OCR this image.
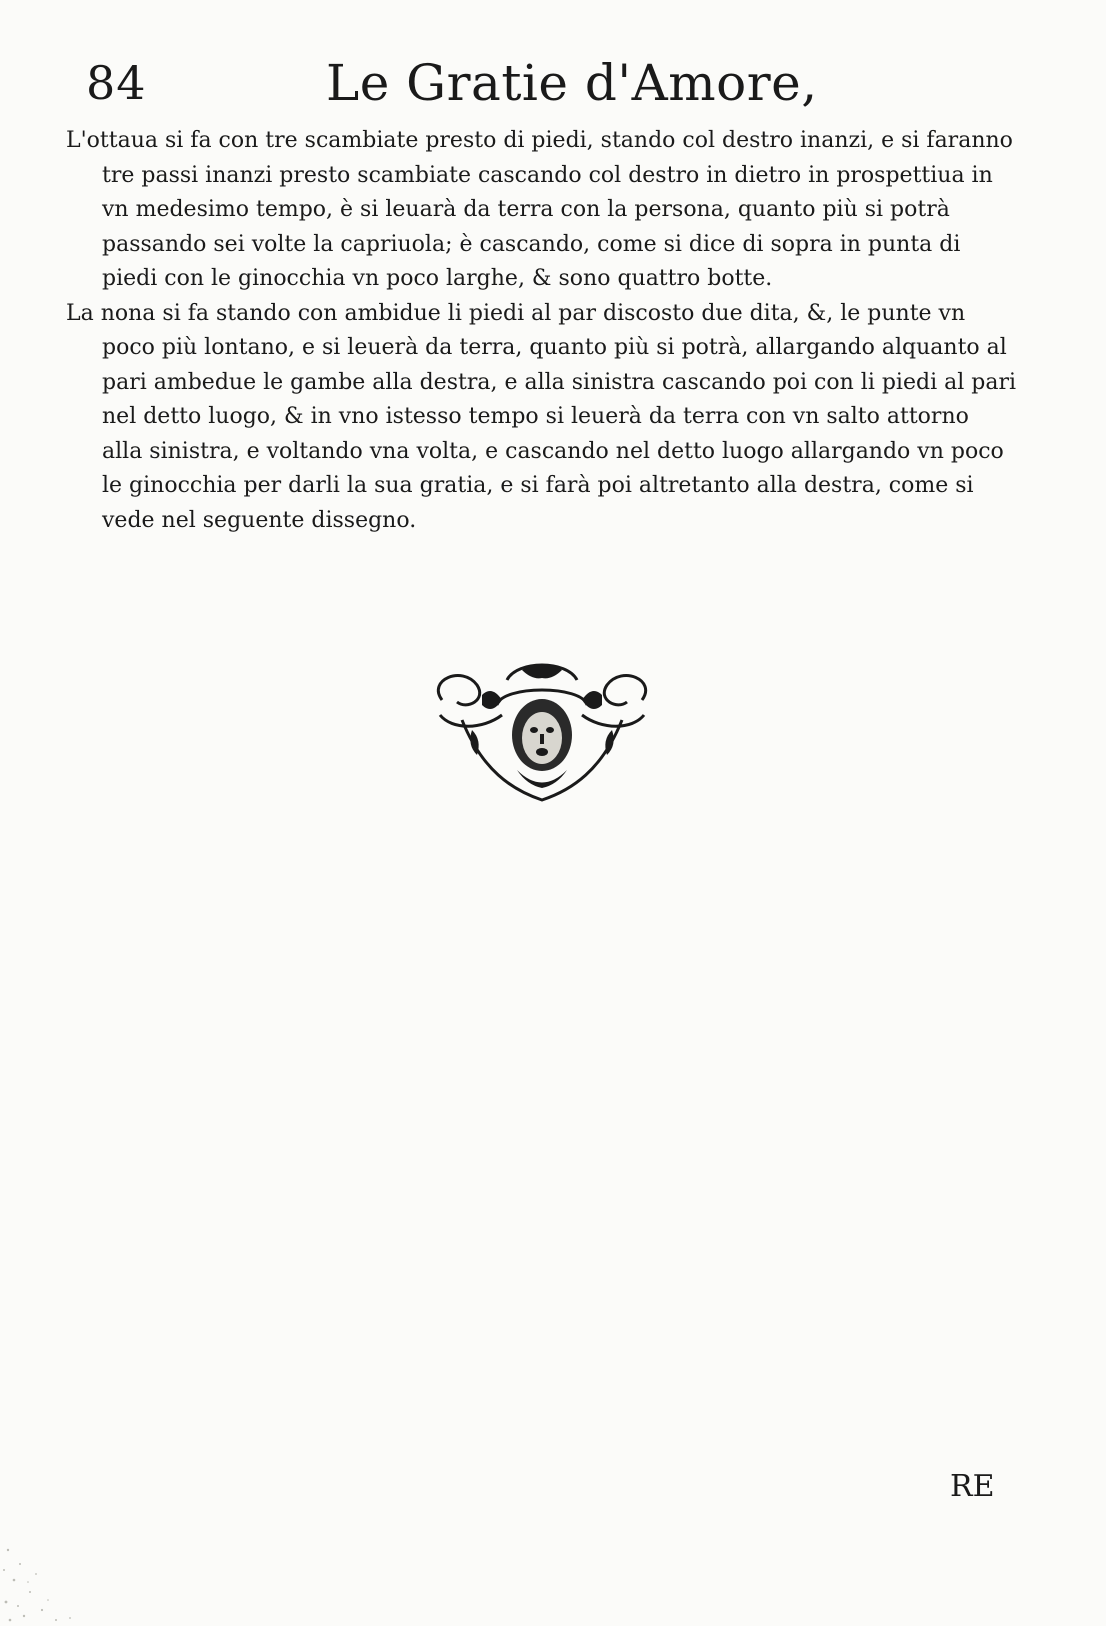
84	Le Gratie d'Amore,

L'ottaua si fa con tre scambiate presto di piedi, stando col destro inanzi, e si faranno tre passi inanzi presto scambiate cascando col destro in dietro in prospettiua in vn medesimo tempo, è si leuarà da terra con la persona, quanto più si potrà passando sei volte la capriuola; è cascando, come si dice di sopra in punta di piedi con le ginocchia vn poco larghe, & sono quattro botte.

La nona si fa stando con ambidue li piedi al par discosto due dita, &, le punte vn poco più lontano, e si leuerà da terra, quanto più si potrà, allargando alquanto al pari ambedue le gambe alla destra, e alla sinistra cascando poi con li piedi al pari nel detto luogo, & in vno istesso tempo si leuerà da terra con vn salto attorno alla sinistra, e voltando vna volta, e cascando nel detto luogo allargando vn poco le ginocchia per darli la sua gratia, e si farà poi altretanto alla destra, come si vede nel seguente dissegno.

RE
